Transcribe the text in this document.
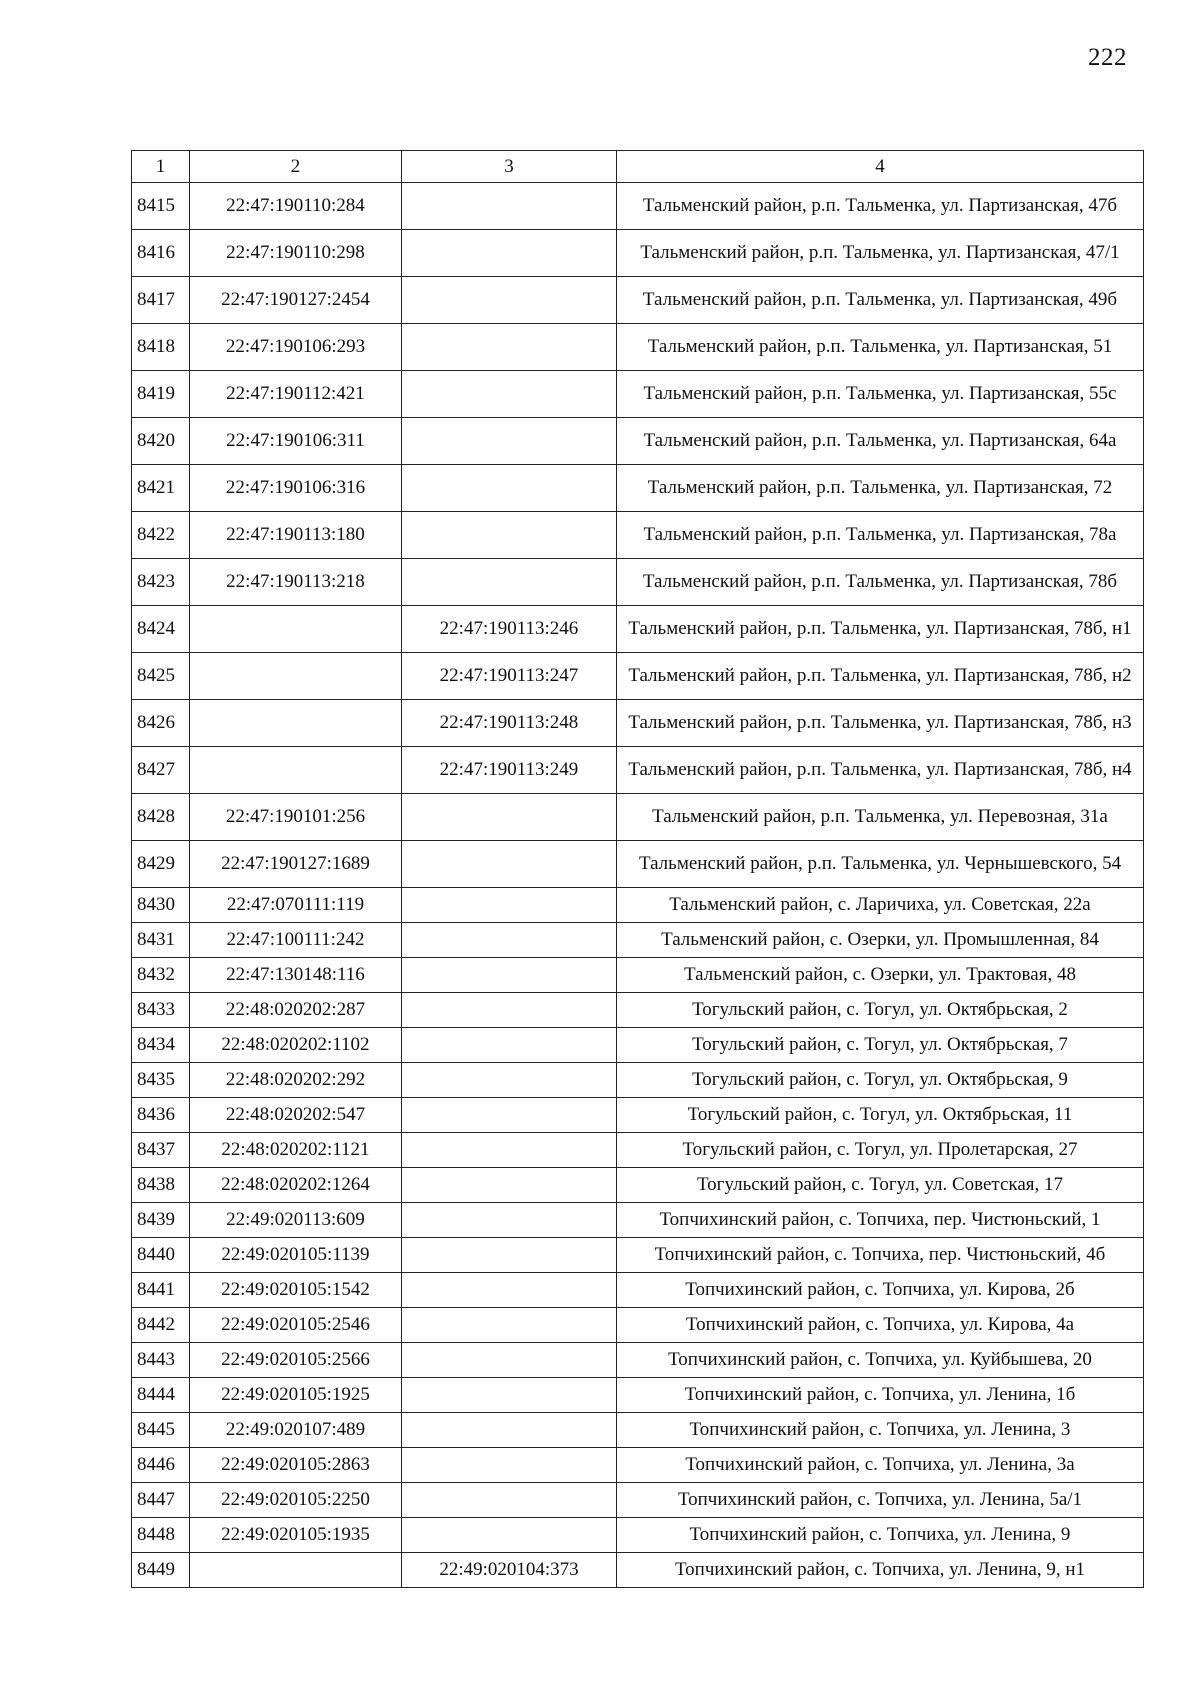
222
1	2	3	4
8415	22:47:190110:284		Тальменский район, р.п. Тальменка, ул. Партизанская, 47б
8416	22:47:190110:298		Тальменский район, р.п. Тальменка, ул. Партизанская, 47/1
8417	22:47:190127:2454		Тальменский район, р.п. Тальменка, ул. Партизанская, 49б
8418	22:47:190106:293		Тальменский район, р.п. Тальменка, ул. Партизанская, 51
8419	22:47:190112:421		Тальменский район, р.п. Тальменка, ул. Партизанская, 55с
8420	22:47:190106:311		Тальменский район, р.п. Тальменка, ул. Партизанская, 64а
8421	22:47:190106:316		Тальменский район, р.п. Тальменка, ул. Партизанская, 72
8422	22:47:190113:180		Тальменский район, р.п. Тальменка, ул. Партизанская, 78а
8423	22:47:190113:218		Тальменский район, р.п. Тальменка, ул. Партизанская, 78б
8424		22:47:190113:246	Тальменский район, р.п. Тальменка, ул. Партизанская, 78б, н1
8425		22:47:190113:247	Тальменский район, р.п. Тальменка, ул. Партизанская, 78б, н2
8426		22:47:190113:248	Тальменский район, р.п. Тальменка, ул. Партизанская, 78б, н3
8427		22:47:190113:249	Тальменский район, р.п. Тальменка, ул. Партизанская, 78б, н4
8428	22:47:190101:256		Тальменский район, р.п. Тальменка, ул. Перевозная, 31а
8429	22:47:190127:1689		Тальменский район, р.п. Тальменка, ул. Чернышевского, 54
8430	22:47:070111:119		Тальменский район, с. Ларичиха, ул. Советская, 22а
8431	22:47:100111:242		Тальменский район, с. Озерки, ул. Промышленная, 84
8432	22:47:130148:116		Тальменский район, с. Озерки, ул. Трактовая, 48
8433	22:48:020202:287		Тогульский район, с. Тогул, ул. Октябрьская, 2
8434	22:48:020202:1102		Тогульский район, с. Тогул, ул. Октябрьская, 7
8435	22:48:020202:292		Тогульский район, с. Тогул, ул. Октябрьская, 9
8436	22:48:020202:547		Тогульский район, с. Тогул, ул. Октябрьская, 11
8437	22:48:020202:1121		Тогульский район, с. Тогул, ул. Пролетарская, 27
8438	22:48:020202:1264		Тогульский район, с. Тогул, ул. Советская, 17
8439	22:49:020113:609		Топчихинский район, с. Топчиха, пер. Чистюньский, 1
8440	22:49:020105:1139		Топчихинский район, с. Топчиха, пер. Чистюньский, 4б
8441	22:49:020105:1542		Топчихинский район, с. Топчиха, ул. Кирова, 2б
8442	22:49:020105:2546		Топчихинский район, с. Топчиха, ул. Кирова, 4а
8443	22:49:020105:2566		Топчихинский район, с. Топчиха, ул. Куйбышева, 20
8444	22:49:020105:1925		Топчихинский район, с. Топчиха, ул. Ленина, 1б
8445	22:49:020107:489		Топчихинский район, с. Топчиха, ул. Ленина, 3
8446	22:49:020105:2863		Топчихинский район, с. Топчиха, ул. Ленина, 3а
8447	22:49:020105:2250		Топчихинский район, с. Топчиха, ул. Ленина, 5а/1
8448	22:49:020105:1935		Топчихинский район, с. Топчиха, ул. Ленина, 9
8449		22:49:020104:373	Топчихинский район, с. Топчиха, ул. Ленина, 9, н1
